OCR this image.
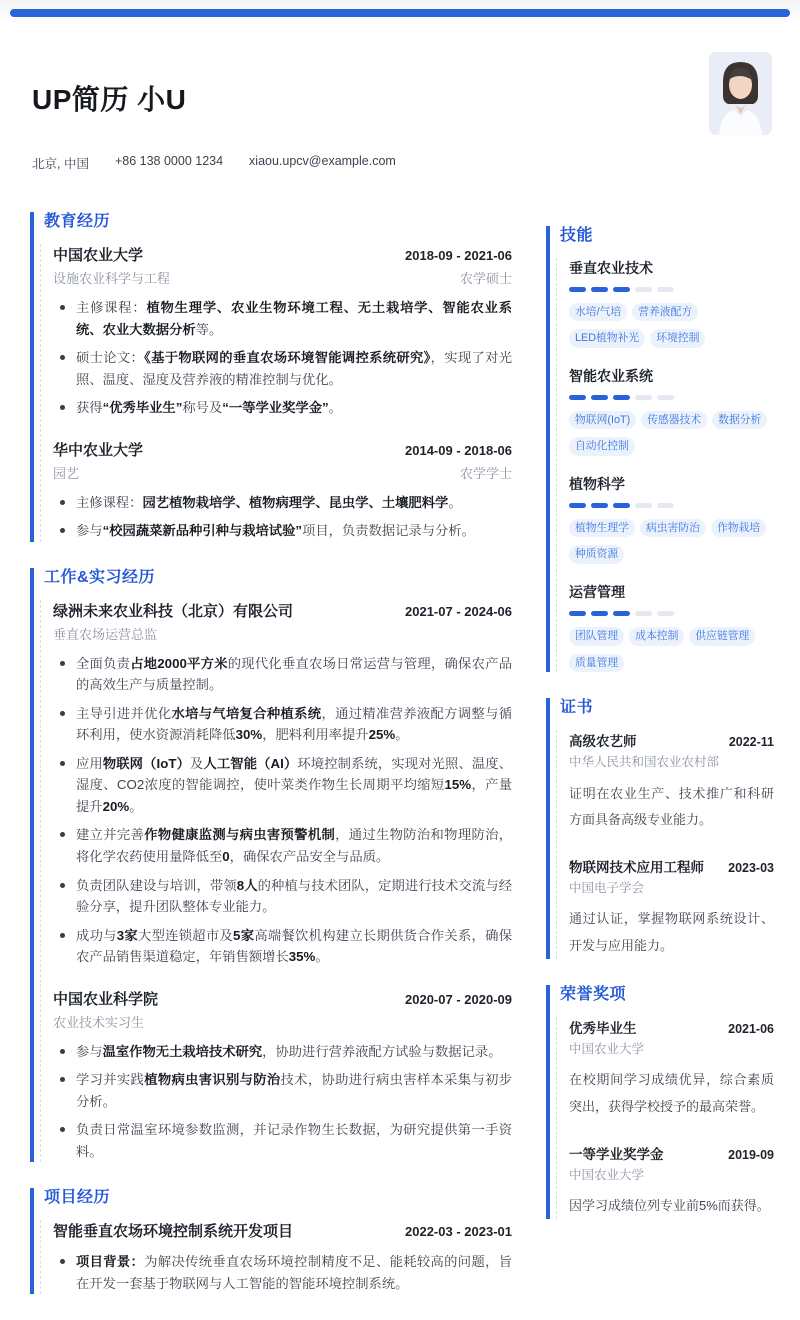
UP简历 小U
北京, 中国 +86 138 0000 1234 xiaou.upcv@example.com
教育经历
中国农业大学	2018-09 - 2021-06
设施农业科学与工程	农学硕士
主修课程：植物生理学、农业生物环境工程、无土栽培学、智能农业系统、农业大数据分析等。
硕士论文：《基于物联网的垂直农场环境智能调控系统研究》，实现了对光照、温度、湿度及营养液的精准控制与优化。
获得“优秀毕业生”称号及“一等学业奖学金”。
华中农业大学	2014-09 - 2018-06
园艺	农学学士
主修课程：园艺植物栽培学、植物病理学、昆虫学、土壤肥料学。
参与“校园蔬菜新品种引种与栽培试验”项目，负责数据记录与分析。
工作&实习经历
绿洲未来农业科技（北京）有限公司	2021-07 - 2024-06
垂直农场运营总监
全面负责占地2000平方米的现代化垂直农场日常运营与管理，确保农产品的高效生产与质量控制。
主导引进并优化水培与气培复合种植系统，通过精准营养液配方调整与循环利用，使水资源消耗降低30%，肥料利用率提升25%。
应用物联网（IoT）及人工智能（AI）环境控制系统，实现对光照、温度、湿度、CO2浓度的智能调控，使叶菜类作物生长周期平均缩短15%，产量提升20%。
建立并完善作物健康监测与病虫害预警机制，通过生物防治和物理防治，将化学农药使用量降低至0，确保农产品安全与品质。
负责团队建设与培训，带领8人的种植与技术团队，定期进行技术交流与经验分享，提升团队整体专业能力。
成功与3家大型连锁超市及5家高端餐饮机构建立长期供货合作关系，确保农产品销售渠道稳定，年销售额增长35%。
中国农业科学院	2020-07 - 2020-09
农业技术实习生
参与温室作物无土栽培技术研究，协助进行营养液配方试验与数据记录。
学习并实践植物病虫害识别与防治技术，协助进行病虫害样本采集与初步分析。
负责日常温室环境参数监测，并记录作物生长数据，为研究提供第一手资料。
项目经历
智能垂直农场环境控制系统开发项目	2022-03 - 2023-01
项目背景：为解决传统垂直农场环境控制精度不足、能耗较高的问题，旨在开发一套基于物联网与人工智能的智能环境控制系统。
技能
垂直农业技术
水培/气培	营养液配方
LED植物补光	环境控制
智能农业系统
物联网(IoT)	传感器技术	数据分析
自动化控制
植物科学
植物生理学	病虫害防治	作物栽培
种质资源
运营管理
团队管理	成本控制	供应链管理
质量管理
证书
高级农艺师	2022-11
中华人民共和国农业农村部
证明在农业生产、技术推广和科研方面具备高级专业能力。
物联网技术应用工程师 2023-03
中国电子学会
通过认证，掌握物联网系统设计、开发与应用能力。
荣誉奖项
优秀毕业生	2021-06
中国农业大学
在校期间学习成绩优异，综合素质突出，获得学校授予的最高荣誉。
一等学业奖学金	2019-09
中国农业大学
因学习成绩位列专业前5%而获得。
